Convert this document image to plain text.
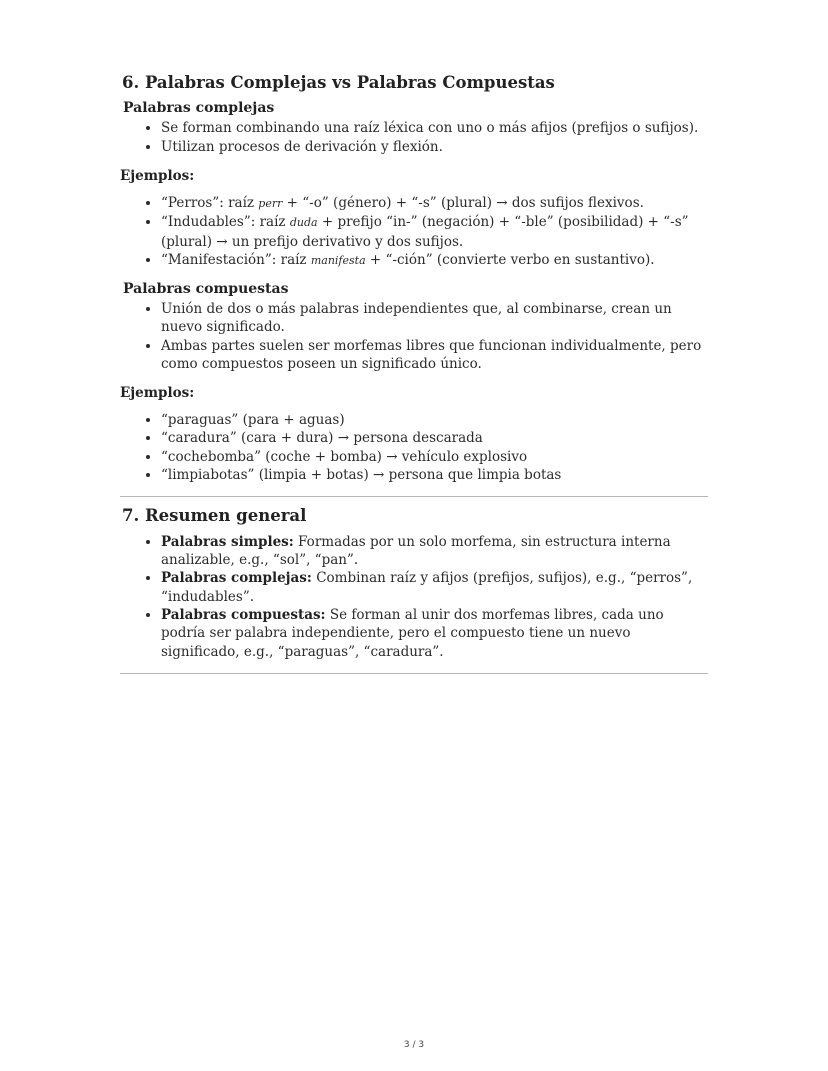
6. Palabras Complejas vs Palabras Compuestas
Palabras complejas
• Se forman combinando una raíz léxica con uno o más afijos (prefijos o sufijos).
• Utilizan procesos de derivación y flexión.

Ejemplos:

• “Perros”: raíz perr + “-o” (género) + “-s” (plural) → dos sufijos flexivos.
• “Indudables”: raíz duda + prefijo “in-” (negación) + “-ble” (posibilidad) + “-s” (plural) → un prefijo derivativo y dos sufijos.
• “Manifestación”: raíz manifesta + “-ción” (convierte verbo en sustantivo).
Palabras compuestas
• Unión de dos o más palabras independientes que, al combinarse, crean un nuevo significado.
• Ambas partes suelen ser morfemas libres que funcionan individualmente, pero como compuestos poseen un significado único.

Ejemplos:

• “paraguas” (para + aguas)
• “caradura” (cara + dura) → persona descarada
• “cochebomba” (coche + bomba) → vehículo explosivo
• “limpiabotas” (limpia + botas) → persona que limpia botas
7. Resumen general
• Palabras simples: Formadas por un solo morfema, sin estructura interna analizable, e.g., “sol”, “pan”.
• Palabras complejas: Combinan raíz y afijos (prefijos, sufijos), e.g., “perros”, “indudables”.
• Palabras compuestas: Se forman al unir dos morfemas libres, cada uno podría ser palabra independiente, pero el compuesto tiene un nuevo significado, e.g., “paraguas”, “caradura”.
3 / 3
